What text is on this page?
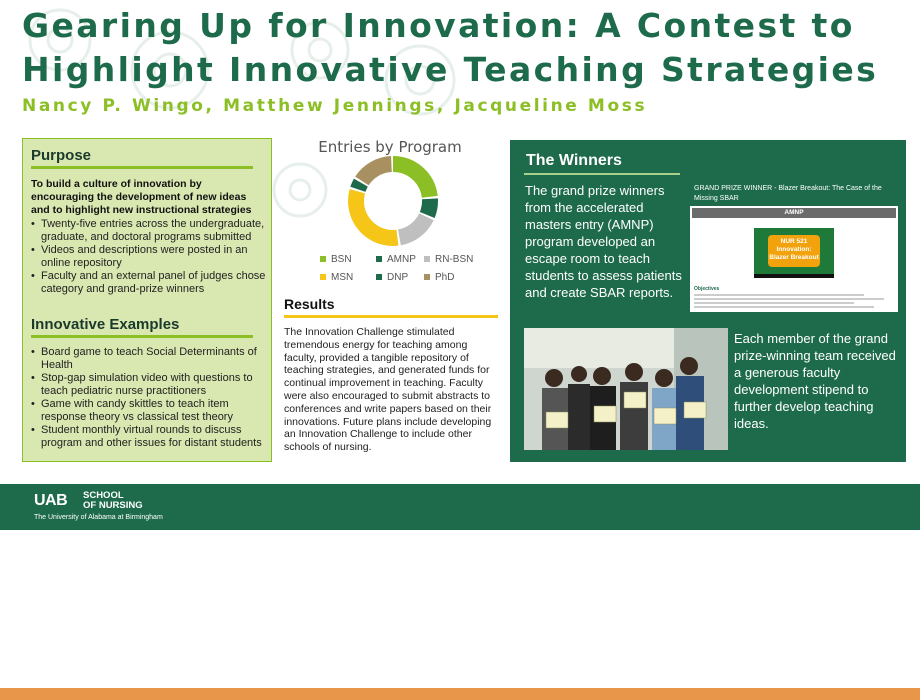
Gearing Up for Innovation: A Contest to
Highlight Innovative Teaching Strategies

Nancy P. Wingo, Matthew Jennings, Jacqueline Moss

Purpose

To build a culture of innovation by encouraging the development of new ideas and to highlight new instructional strategies

• Twenty-five entries across the undergraduate, graduate, and doctoral programs submitted
• Videos and descriptions were posted in an online repository
• Faculty and an external panel of judges chose category and grand-prize winners
Innovative Examples
• Board game to teach Social Determinants of Health
• Stop-gap simulation video with questions to teach pediatric nurse practitioners
• Game with candy skittles to teach item response theory vs classical test theory
• Student monthly virtual rounds to discuss program and other issues for distant students

Entries by Program

BSN	AMNP	RN-BSN
MSN	DNP	PhD
Results

The Innovation Challenge stimulated tremendous energy for teaching among faculty, provided a tangible repository of teaching strategies, and generated funds for continual improvement in teaching. Faculty were also encouraged to submit abstracts to conferences and write papers based on their innovations. Future plans include developing an Innovation Challenge to include other schools of nursing.

The Winners

The grand prize winners from the accelerated masters entry (AMNP) program developed an escape room to teach students to assess patients and create SBAR reports.

GRAND PRIZE WINNER - Blazer Breakout: The Case of the Missing SBAR

AMNP

NUR 521 Innovation: Blazer Breakout

Objectives

Each member of the grand prize-winning team received a generous faculty development stipend to further develop teaching ideas.

UAB SCHOOL
OF NURSING

The University of Alabama at Birmingham
